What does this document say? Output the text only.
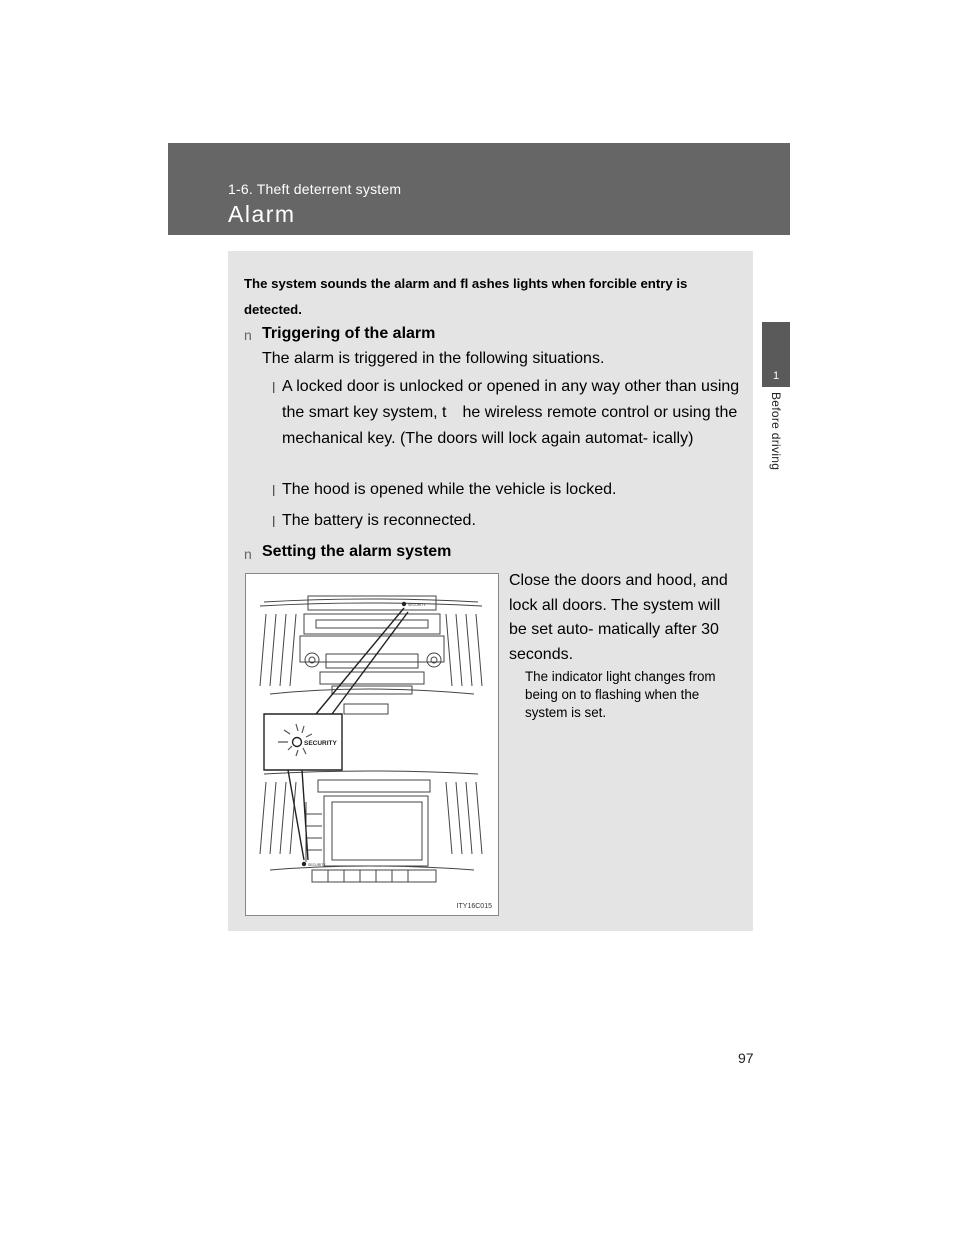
1-6. Theft deterrent system
Alarm
1
Before driving
The system sounds the alarm and fl ashes lights when forcible entry is detected.
n Triggering of the alarm
The alarm is triggered in the following situations.
l A locked door is unlocked or opened in any way other than using the smart key system, t  he wireless remote control or using the mechanical key. (The doors will lock again automat- ically)
l The hood is opened while the vehicle is locked.
l The battery is reconnected.
n Setting the alarm system
SECURITY
SECURITY
SECURITY
ITY16C015
Close the doors and hood, and lock all doors. The system will be set auto- matically after 30 seconds.
The indicator light changes from being on to flashing when the system is set.
97
